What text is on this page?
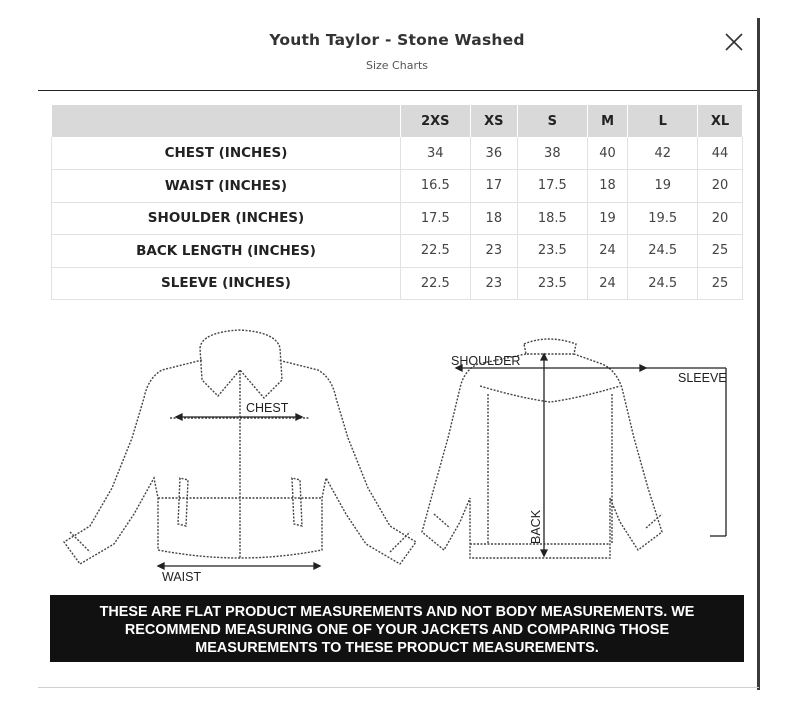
Youth Taylor - Stone Washed
Size Charts
	2XS	XS	S	M	L	XL
CHEST (INCHES)	34	36	38	40	42	44
WAIST (INCHES)	16.5	17	17.5	18	19	20
SHOULDER (INCHES)	17.5	18	18.5	19	19.5	20
BACK LENGTH (INCHES)	22.5	23	23.5	24	24.5	25
SLEEVE (INCHES)	22.5	23	23.5	24	24.5	25
CHEST
WAIST
SHOULDER
SLEEVE
BACK
THESE ARE FLAT PRODUCT MEASUREMENTS AND NOT BODY MEASUREMENTS. WE
RECOMMEND MEASURING ONE OF YOUR JACKETS AND COMPARING THOSE
MEASUREMENTS TO THESE PRODUCT MEASUREMENTS.
